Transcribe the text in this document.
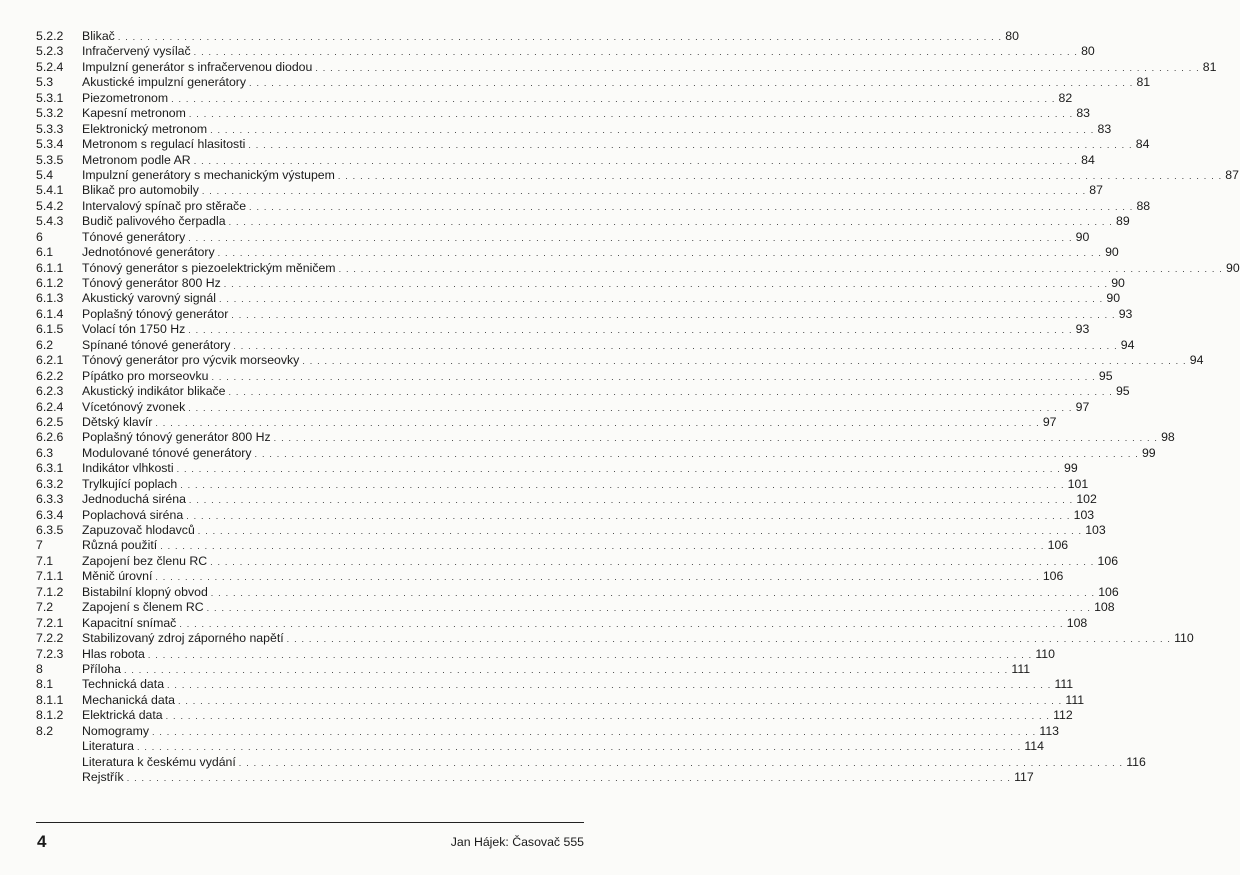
5.2.2 Blikač . . . . . . . . . . . . . . . . . . . . . . . . . . . . . . . . . . . . . . . . . . . . . . . . . . . . . . . . . . . . . . . . . . . . . . . . . . . . . . . . . . . . . . . . . . . . . . . . . . . . . . . . . . . . . . . . . . . . . . . . 80
5.2.3 Infračervený vysílač . . . . . . . . . . . . . . . . . . . . . . . . . . . . . . . . . . . . . . . . . . . . . . . . . . . . . . . . . . . . . . . . . . . . . . . . . . . . . . . . . . . . . . . . . . . . . . . . . . . . . . . . . . . . . . . . . . . . . . . . 80
5.2.4 Impulzní generátor s infračervenou diodou . . . . . . . . . . . . . . . . . . . . . . . . . . . . . . . . . . . . . . . . . . . . . . . . . . . . . . . . . . . . . . . . . . . . . . . . . . . . . . . . . . . . . . . . . . . . . . . . . . . . . . . . . . . . . . . . . . . . . . . . 81
5.3 Akustické impulzní generátory . . . . . . . . . . . . . . . . . . . . . . . . . . . . . . . . . . . . . . . . . . . . . . . . . . . . . . . . . . . . . . . . . . . . . . . . . . . . . . . . . . . . . . . . . . . . . . . . . . . . . . . . . . . . . . . . . . . . . . . . 81
5.3.1 Piezometronom . . . . . . . . . . . . . . . . . . . . . . . . . . . . . . . . . . . . . . . . . . . . . . . . . . . . . . . . . . . . . . . . . . . . . . . . . . . . . . . . . . . . . . . . . . . . . . . . . . . . . . . . . . . . . . . . . . . . . . . . 82
5.3.2 Kapesní metronom . . . . . . . . . . . . . . . . . . . . . . . . . . . . . . . . . . . . . . . . . . . . . . . . . . . . . . . . . . . . . . . . . . . . . . . . . . . . . . . . . . . . . . . . . . . . . . . . . . . . . . . . . . . . . . . . . . . . . . . . 83
5.3.3 Elektronický metronom . . . . . . . . . . . . . . . . . . . . . . . . . . . . . . . . . . . . . . . . . . . . . . . . . . . . . . . . . . . . . . . . . . . . . . . . . . . . . . . . . . . . . . . . . . . . . . . . . . . . . . . . . . . . . . . . . . . . . . . . 83
5.3.4 Metronom s regulací hlasitosti . . . . . . . . . . . . . . . . . . . . . . . . . . . . . . . . . . . . . . . . . . . . . . . . . . . . . . . . . . . . . . . . . . . . . . . . . . . . . . . . . . . . . . . . . . . . . . . . . . . . . . . . . . . . . . . . . . . . . . . . 84
5.3.5 Metronom podle AR . . . . . . . . . . . . . . . . . . . . . . . . . . . . . . . . . . . . . . . . . . . . . . . . . . . . . . . . . . . . . . . . . . . . . . . . . . . . . . . . . . . . . . . . . . . . . . . . . . . . . . . . . . . . . . . . . . . . . . . . 84
5.4 Impulzní generátory s mechanickým výstupem . . . . . . . . . . . . . . . . . . . . . . . . . . . . . . . . . . . . . . . . . . . . . . . . . . . . . . . . . . . . . . . . . . . . . . . . . . . . . . . . . . . . . . . . . . . . . . . . . . . . . . . . . . . . . . . . . . . . . . . . 87
5.4.1 Blikač pro automobily . . . . . . . . . . . . . . . . . . . . . . . . . . . . . . . . . . . . . . . . . . . . . . . . . . . . . . . . . . . . . . . . . . . . . . . . . . . . . . . . . . . . . . . . . . . . . . . . . . . . . . . . . . . . . . . . . . . . . . . . 87
5.4.2 Intervalový spínač pro stěrače . . . . . . . . . . . . . . . . . . . . . . . . . . . . . . . . . . . . . . . . . . . . . . . . . . . . . . . . . . . . . . . . . . . . . . . . . . . . . . . . . . . . . . . . . . . . . . . . . . . . . . . . . . . . . . . . . . . . . . . . 88
5.4.3 Budič palivového čerpadla . . . . . . . . . . . . . . . . . . . . . . . . . . . . . . . . . . . . . . . . . . . . . . . . . . . . . . . . . . . . . . . . . . . . . . . . . . . . . . . . . . . . . . . . . . . . . . . . . . . . . . . . . . . . . . . . . . . . . . . . 89
6	Tónové generátory . . . . . . . . . . . . . . . . . . . . . . . . . . . . . . . . . . . . . . . . . . . . . . . . . . . . . . . . . . . . . . . . . . . . . . . . . . . . . . . . . . . . . . . . . . . . . . . . . . . . . . . . . . . . . . . . . . . . . . . . 90
6.1 Jednotónové generátory . . . . . . . . . . . . . . . . . . . . . . . . . . . . . . . . . . . . . . . . . . . . . . . . . . . . . . . . . . . . . . . . . . . . . . . . . . . . . . . . . . . . . . . . . . . . . . . . . . . . . . . . . . . . . . . . . . . . . . . . 90
6.1.1 Tónový generátor s piezoelektrickým měničem . . . . . . . . . . . . . . . . . . . . . . . . . . . . . . . . . . . . . . . . . . . . . . . . . . . . . . . . . . . . . . . . . . . . . . . . . . . . . . . . . . . . . . . . . . . . . . . . . . . . . . . . . . . . . . . . . . . . . . . . 90
6.1.2 Tónový generátor 800 Hz . . . . . . . . . . . . . . . . . . . . . . . . . . . . . . . . . . . . . . . . . . . . . . . . . . . . . . . . . . . . . . . . . . . . . . . . . . . . . . . . . . . . . . . . . . . . . . . . . . . . . . . . . . . . . . . . . . . . . . . . 90
6.1.3 Akustický varovný signál . . . . . . . . . . . . . . . . . . . . . . . . . . . . . . . . . . . . . . . . . . . . . . . . . . . . . . . . . . . . . . . . . . . . . . . . . . . . . . . . . . . . . . . . . . . . . . . . . . . . . . . . . . . . . . . . . . . . . . . . 90
6.1.4 Poplašný tónový generátor . . . . . . . . . . . . . . . . . . . . . . . . . . . . . . . . . . . . . . . . . . . . . . . . . . . . . . . . . . . . . . . . . . . . . . . . . . . . . . . . . . . . . . . . . . . . . . . . . . . . . . . . . . . . . . . . . . . . . . . . 93
6.1.5 Volací tón 1750 Hz . . . . . . . . . . . . . . . . . . . . . . . . . . . . . . . . . . . . . . . . . . . . . . . . . . . . . . . . . . . . . . . . . . . . . . . . . . . . . . . . . . . . . . . . . . . . . . . . . . . . . . . . . . . . . . . . . . . . . . . . 93
6.2 Spínané tónové generátory . . . . . . . . . . . . . . . . . . . . . . . . . . . . . . . . . . . . . . . . . . . . . . . . . . . . . . . . . . . . . . . . . . . . . . . . . . . . . . . . . . . . . . . . . . . . . . . . . . . . . . . . . . . . . . . . . . . . . . . . 94
6.2.1 Tónový generátor pro výcvik morseovky . . . . . . . . . . . . . . . . . . . . . . . . . . . . . . . . . . . . . . . . . . . . . . . . . . . . . . . . . . . . . . . . . . . . . . . . . . . . . . . . . . . . . . . . . . . . . . . . . . . . . . . . . . . . . . . . . . . . . . . . 94
6.2.2 Pípátko pro morseovku . . . . . . . . . . . . . . . . . . . . . . . . . . . . . . . . . . . . . . . . . . . . . . . . . . . . . . . . . . . . . . . . . . . . . . . . . . . . . . . . . . . . . . . . . . . . . . . . . . . . . . . . . . . . . . . . . . . . . . . . 95
6.2.3 Akustický indikátor blikače . . . . . . . . . . . . . . . . . . . . . . . . . . . . . . . . . . . . . . . . . . . . . . . . . . . . . . . . . . . . . . . . . . . . . . . . . . . . . . . . . . . . . . . . . . . . . . . . . . . . . . . . . . . . . . . . . . . . . . . . 95
6.2.4 Vícetónový zvonek . . . . . . . . . . . . . . . . . . . . . . . . . . . . . . . . . . . . . . . . . . . . . . . . . . . . . . . . . . . . . . . . . . . . . . . . . . . . . . . . . . . . . . . . . . . . . . . . . . . . . . . . . . . . . . . . . . . . . . . . 97
6.2.5 Dětský klavír . . . . . . . . . . . . . . . . . . . . . . . . . . . . . . . . . . . . . . . . . . . . . . . . . . . . . . . . . . . . . . . . . . . . . . . . . . . . . . . . . . . . . . . . . . . . . . . . . . . . . . . . . . . . . . . . . . . . . . . . 97
6.2.6 Poplašný tónový generátor 800 Hz . . . . . . . . . . . . . . . . . . . . . . . . . . . . . . . . . . . . . . . . . . . . . . . . . . . . . . . . . . . . . . . . . . . . . . . . . . . . . . . . . . . . . . . . . . . . . . . . . . . . . . . . . . . . . . . . . . . . . . . . 98
6.3 Modulované tónové generátory . . . . . . . . . . . . . . . . . . . . . . . . . . . . . . . . . . . . . . . . . . . . . . . . . . . . . . . . . . . . . . . . . . . . . . . . . . . . . . . . . . . . . . . . . . . . . . . . . . . . . . . . . . . . . . . . . . . . . . . . 99
6.3.1 Indikátor vlhkosti . . . . . . . . . . . . . . . . . . . . . . . . . . . . . . . . . . . . . . . . . . . . . . . . . . . . . . . . . . . . . . . . . . . . . . . . . . . . . . . . . . . . . . . . . . . . . . . . . . . . . . . . . . . . . . . . . . . . . . . . 99
6.3.2 Trylkující poplach . . . . . . . . . . . . . . . . . . . . . . . . . . . . . . . . . . . . . . . . . . . . . . . . . . . . . . . . . . . . . . . . . . . . . . . . . . . . . . . . . . . . . . . . . . . . . . . . . . . . . . . . . . . . . . . . . . . . . . . . 101
6.3.3 Jednoduchá siréna . . . . . . . . . . . . . . . . . . . . . . . . . . . . . . . . . . . . . . . . . . . . . . . . . . . . . . . . . . . . . . . . . . . . . . . . . . . . . . . . . . . . . . . . . . . . . . . . . . . . . . . . . . . . . . . . . . . . . . . . 102
6.3.4 Poplachová siréna . . . . . . . . . . . . . . . . . . . . . . . . . . . . . . . . . . . . . . . . . . . . . . . . . . . . . . . . . . . . . . . . . . . . . . . . . . . . . . . . . . . . . . . . . . . . . . . . . . . . . . . . . . . . . . . . . . . . . . . . 103
6.3.5 Zapuzovač hlodavců . . . . . . . . . . . . . . . . . . . . . . . . . . . . . . . . . . . . . . . . . . . . . . . . . . . . . . . . . . . . . . . . . . . . . . . . . . . . . . . . . . . . . . . . . . . . . . . . . . . . . . . . . . . . . . . . . . . . . . . . 103
7	Různá použití . . . . . . . . . . . . . . . . . . . . . . . . . . . . . . . . . . . . . . . . . . . . . . . . . . . . . . . . . . . . . . . . . . . . . . . . . . . . . . . . . . . . . . . . . . . . . . . . . . . . . . . . . . . . . . . . . . . . . . . . 106
7.1 Zapojení bez členu RC . . . . . . . . . . . . . . . . . . . . . . . . . . . . . . . . . . . . . . . . . . . . . . . . . . . . . . . . . . . . . . . . . . . . . . . . . . . . . . . . . . . . . . . . . . . . . . . . . . . . . . . . . . . . . . . . . . . . . . . . 106
7.1.1 Měnič úrovní . . . . . . . . . . . . . . . . . . . . . . . . . . . . . . . . . . . . . . . . . . . . . . . . . . . . . . . . . . . . . . . . . . . . . . . . . . . . . . . . . . . . . . . . . . . . . . . . . . . . . . . . . . . . . . . . . . . . . . . . 106
7.1.2 Bistabilní klopný obvod . . . . . . . . . . . . . . . . . . . . . . . . . . . . . . . . . . . . . . . . . . . . . . . . . . . . . . . . . . . . . . . . . . . . . . . . . . . . . . . . . . . . . . . . . . . . . . . . . . . . . . . . . . . . . . . . . . . . . . . . 106
7.2 Zapojení s členem RC . . . . . . . . . . . . . . . . . . . . . . . . . . . . . . . . . . . . . . . . . . . . . . . . . . . . . . . . . . . . . . . . . . . . . . . . . . . . . . . . . . . . . . . . . . . . . . . . . . . . . . . . . . . . . . . . . . . . . . . . 108
7.2.1 Kapacitní snímač . . . . . . . . . . . . . . . . . . . . . . . . . . . . . . . . . . . . . . . . . . . . . . . . . . . . . . . . . . . . . . . . . . . . . . . . . . . . . . . . . . . . . . . . . . . . . . . . . . . . . . . . . . . . . . . . . . . . . . . . 108
7.2.2 Stabilizovaný zdroj záporného napětí . . . . . . . . . . . . . . . . . . . . . . . . . . . . . . . . . . . . . . . . . . . . . . . . . . . . . . . . . . . . . . . . . . . . . . . . . . . . . . . . . . . . . . . . . . . . . . . . . . . . . . . . . . . . . . . . . . . . . . . . 110
7.2.3 Hlas robota . . . . . . . . . . . . . . . . . . . . . . . . . . . . . . . . . . . . . . . . . . . . . . . . . . . . . . . . . . . . . . . . . . . . . . . . . . . . . . . . . . . . . . . . . . . . . . . . . . . . . . . . . . . . . . . . . . . . . . . . 110
8	Příloha . . . . . . . . . . . . . . . . . . . . . . . . . . . . . . . . . . . . . . . . . . . . . . . . . . . . . . . . . . . . . . . . . . . . . . . . . . . . . . . . . . . . . . . . . . . . . . . . . . . . . . . . . . . . . . . . . . . . . . . . 111
8.1 Technická data . . . . . . . . . . . . . . . . . . . . . . . . . . . . . . . . . . . . . . . . . . . . . . . . . . . . . . . . . . . . . . . . . . . . . . . . . . . . . . . . . . . . . . . . . . . . . . . . . . . . . . . . . . . . . . . . . . . . . . . . 111
8.1.1 Mechanická data . . . . . . . . . . . . . . . . . . . . . . . . . . . . . . . . . . . . . . . . . . . . . . . . . . . . . . . . . . . . . . . . . . . . . . . . . . . . . . . . . . . . . . . . . . . . . . . . . . . . . . . . . . . . . . . . . . . . . . . . 111
8.1.2 Elektrická data . . . . . . . . . . . . . . . . . . . . . . . . . . . . . . . . . . . . . . . . . . . . . . . . . . . . . . . . . . . . . . . . . . . . . . . . . . . . . . . . . . . . . . . . . . . . . . . . . . . . . . . . . . . . . . . . . . . . . . . . 112
8.2 Nomogramy . . . . . . . . . . . . . . . . . . . . . . . . . . . . . . . . . . . . . . . . . . . . . . . . . . . . . . . . . . . . . . . . . . . . . . . . . . . . . . . . . . . . . . . . . . . . . . . . . . . . . . . . . . . . . . . . . . . . . . . . 113
Literatura . . . . . . . . . . . . . . . . . . . . . . . . . . . . . . . . . . . . . . . . . . . . . . . . . . . . . . . . . . . . . . . . . . . . . . . . . . . . . . . . . . . . . . . . . . . . . . . . . . . . . . . . . . . . . . . . . . . . . . . . 114
Literatura k českému vydání . . . . . . . . . . . . . . . . . . . . . . . . . . . . . . . . . . . . . . . . . . . . . . . . . . . . . . . . . . . . . . . . . . . . . . . . . . . . . . . . . . . . . . . . . . . . . . . . . . . . . . . . . . . . . . . . . . . . . . . . 116
Rejstřík . . . . . . . . . . . . . . . . . . . . . . . . . . . . . . . . . . . . . . . . . . . . . . . . . . . . . . . . . . . . . . . . . . . . . . . . . . . . . . . . . . . . . . . . . . . . . . . . . . . . . . . . . . . . . . . . . . . . . . . . 117
4	Jan Hájek: Časovač 555
